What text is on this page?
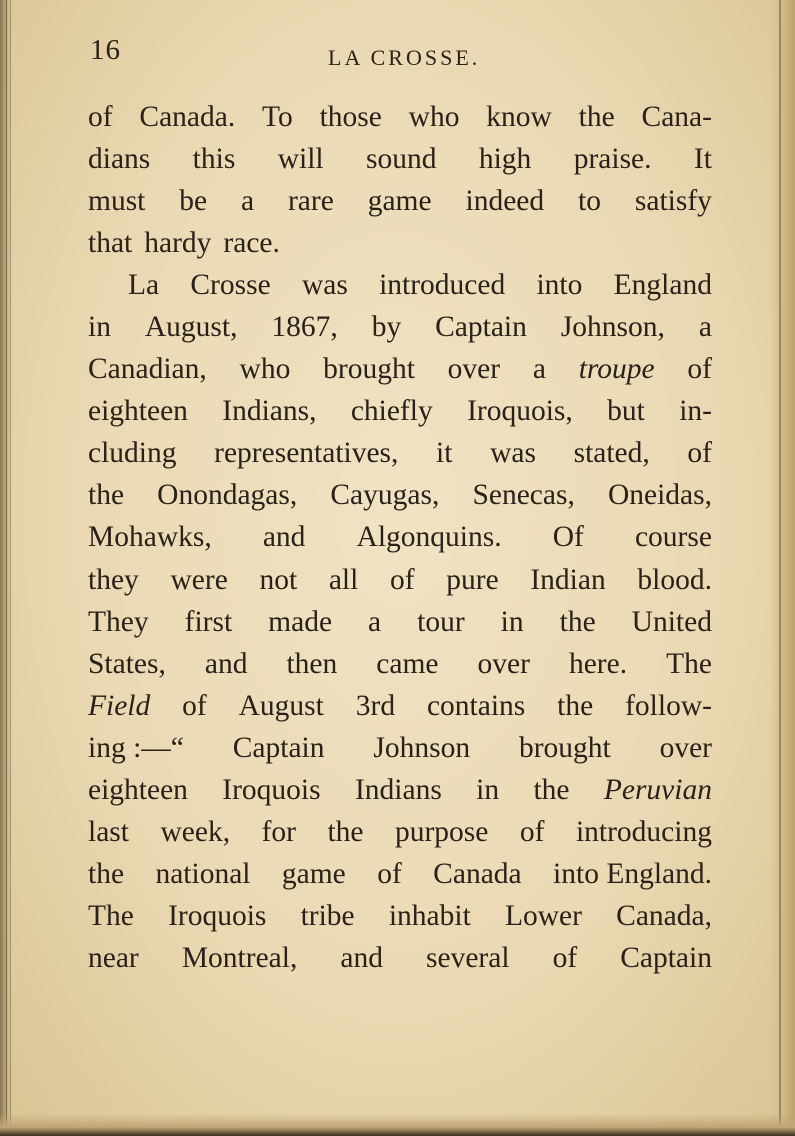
16	LA CROSSE.
of Canada. To those who know the Cana-
dians this will sound high praise. It
must be a rare game indeed to satisfy
that hardy race.
La Crosse was introduced into England
in August, 1867, by Captain Johnson, a
Canadian, who brought over a troupe of
eighteen Indians, chiefly Iroquois, but in-
cluding representatives, it was stated, of
the Onondagas, Cayugas, Senecas, Oneidas,
Mohawks, and Algonquins. Of course
they were not all of pure Indian blood.
They first made a tour in the United
States, and then came over here. The
Field of August 3rd contains the follow-
ing :—“ Captain Johnson brought over
eighteen Iroquois Indians in the Peruvian
last week, for the purpose of introducing
the national game of Canada into England.
The Iroquois tribe inhabit Lower Canada,
near Montreal, and several of Captain
